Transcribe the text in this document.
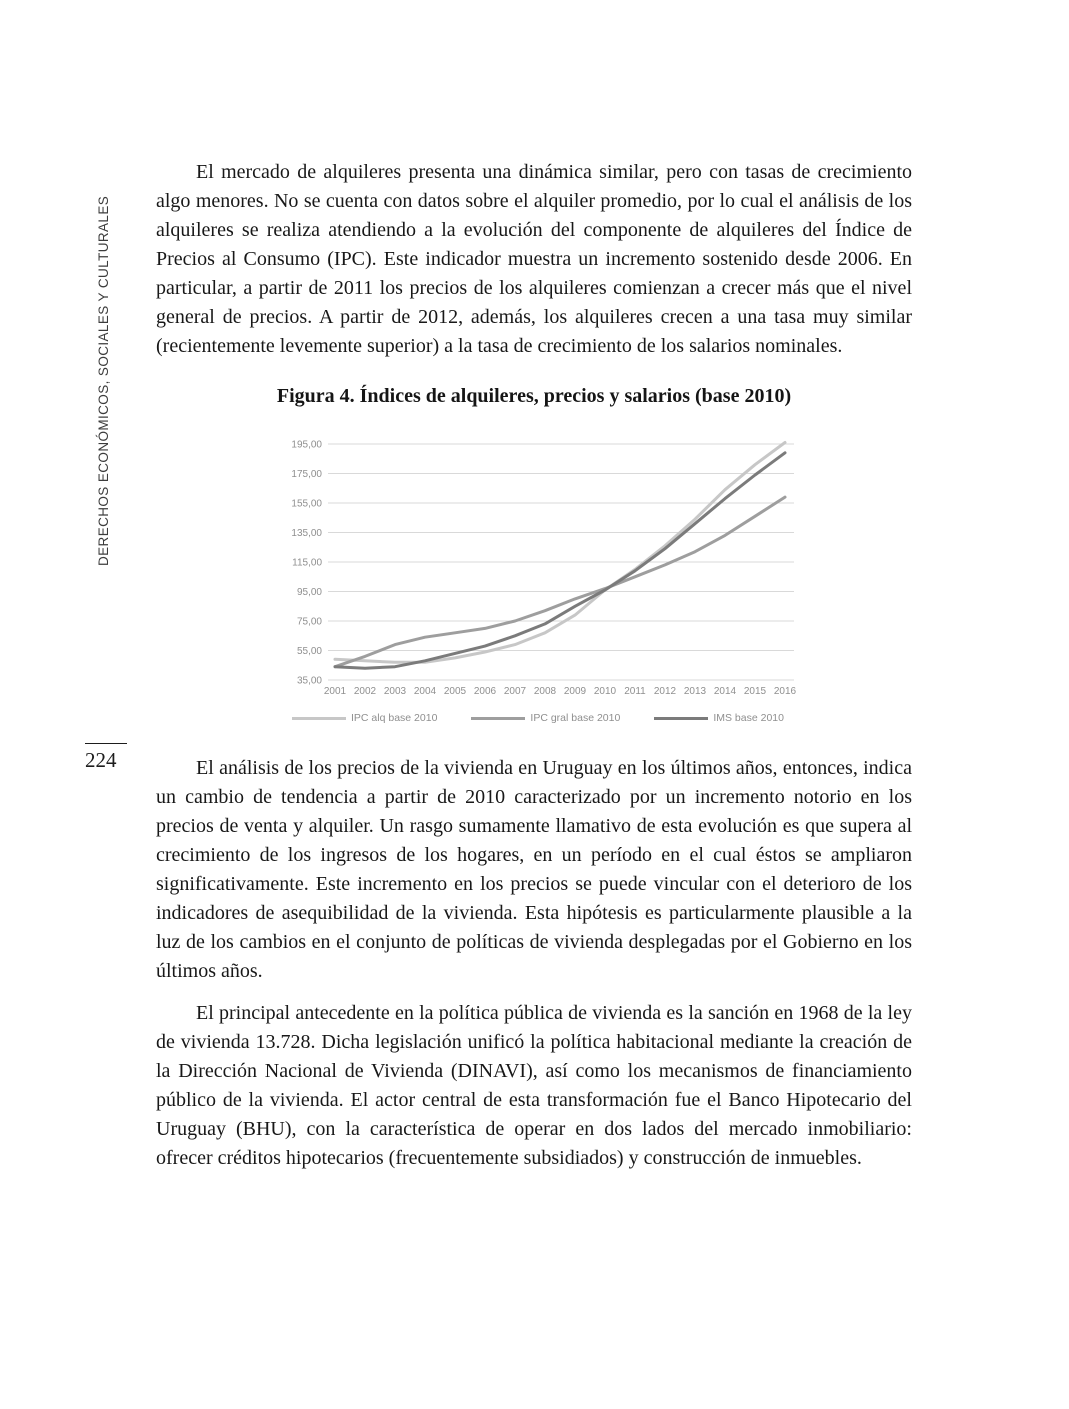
DERECHOS ECONÓMICOS, SOCIALES Y CULTURALES
224

El mercado de alquileres presenta una dinámica similar, pero con tasas de crecimiento algo menores. No se cuenta con datos sobre el alquiler promedio, por lo cual el análisis de los alquileres se realiza atendiendo a la evolución del componente de alquileres del Índice de Precios al Consumo (IPC). Este indicador muestra un incremento sostenido desde 2006. En particular, a partir de 2011 los precios de los alquileres comienzan a crecer más que el nivel general de precios. A partir de 2012, además, los alquileres crecen a una tasa muy similar (recientemente levemente superior) a la tasa de crecimiento de los salarios nominales.

Figura 4. Índices de alquileres, precios y salarios (base 2010)
35,00
55,00
75,00
95,00
115,00
135,00
155,00
175,00
195,00
2001 2002 2003 2004 2005 2006 2007 2008 2009 2010 2011 2012 2013 2014 2015 2016
IPC alq base 2010	IPC gral base 2010	IMS base 2010

El análisis de los precios de la vivienda en Uruguay en los últimos años, entonces, indica un cambio de tendencia a partir de 2010 caracterizado por un incremento notorio en los precios de venta y alquiler. Un rasgo sumamente llamativo de esta evolución es que supera al crecimiento de los ingresos de los hogares, en un período en el cual éstos se ampliaron significativamente. Este incremento en los precios se puede vincular con el deterioro de los indicadores de asequibilidad de la vivienda. Esta hipótesis es particularmente plausible a la luz de los cambios en el conjunto de políticas de vivienda desplegadas por el Gobierno en los últimos años.

El principal antecedente en la política pública de vivienda es la sanción en 1968 de la ley de vivienda 13.728. Dicha legislación unificó la política habitacional mediante la creación de la Dirección Nacional de Vivienda (DINAVI), así como los mecanismos de financiamiento público de la vivienda. El actor central de esta transformación fue el Banco Hipotecario del Uruguay (BHU), con la característica de operar en dos lados del mercado inmobiliario: ofrecer créditos hipotecarios (frecuentemente subsidiados) y construcción de inmuebles.
